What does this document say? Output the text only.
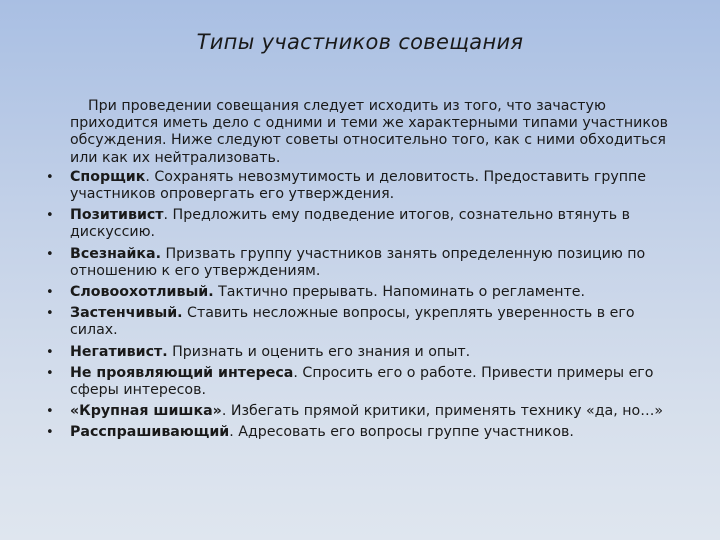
Типы участников совещания

При проведении совещания следует исходить из того, что зачастую приходится иметь дело с одними и теми же характерными типами участников обсуждения. Ниже следуют советы относительно того, как с ними обходиться или как их нейтрализовать.

• Спорщик. Сохранять невозмутимость и деловитость. Предоставить группе участников опровергать его утверждения.
• Позитивист. Предложить ему подведение итогов, сознательно втянуть в дискуссию.
• Всезнайка. Призвать группу участников занять определенную позицию по отношению к его утверждениям.
• Словоохотливый. Тактично прерывать. Напоминать о регламенте.
• Застенчивый. Ставить несложные вопросы, укреплять уверенность в его силах.
• Негативист. Признать и оценить его знания и опыт.
• Не проявляющий интереса. Спросить его о работе. Привести примеры его сферы интересов.
• «Крупная шишка». Избегать прямой критики, применять технику «да, но…»
• Расспрашивающий. Адресовать его вопросы группе участников.
